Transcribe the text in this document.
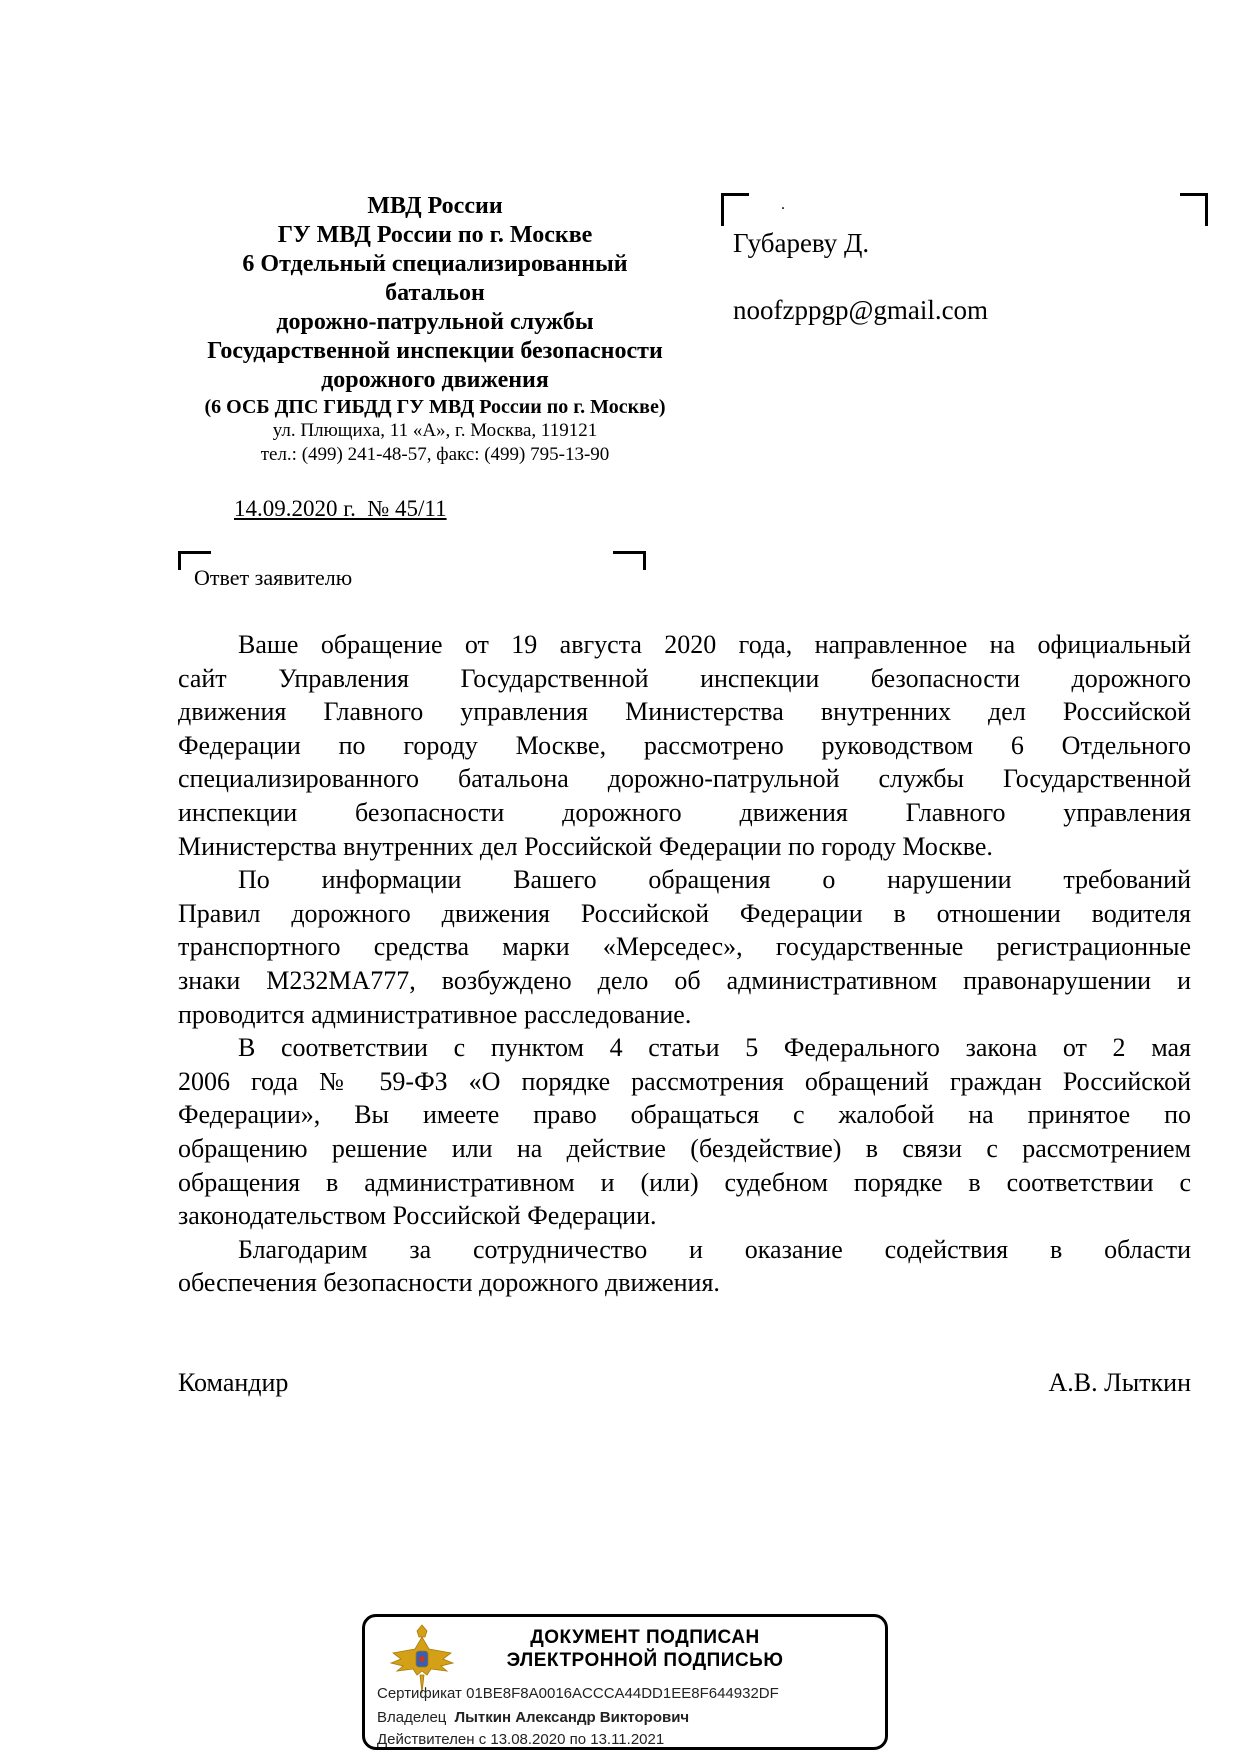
МВД России
ГУ МВД России по г. Москве
6 Отдельный специализированный
батальон
дорожно-патрульной службы
Государственной инспекции безопасности
дорожного движения
(6 ОСБ ДПС ГИБДД ГУ МВД России по г. Москве)
ул. Плющиха, 11 «А», г. Москва, 119121
тел.: (499) 241-48-57, факс: (499) 795-13-90
14.09.2020 г.  № 45/11
Ответ заявителю
.
Губареву Д.
noofzppgp@gmail.com
Ваше обращение от 19 августа 2020 года, направленное на официальный
сайт Управления Государственной инспекции безопасности дорожного
движения Главного управления Министерства внутренних дел Российской
Федерации по городу Москве, рассмотрено руководством 6 Отдельного
специализированного батальона дорожно-патрульной службы Государственной
инспекции безопасности дорожного движения Главного управления
Министерства внутренних дел Российской Федерации по городу Москве.
По информации Вашего обращения о нарушении требований
Правил дорожного движения Российской Федерации в отношении водителя
транспортного средства марки «Мерседес», государственные регистрационные
знаки М232МА777, возбуждено дело об административном правонарушении и
проводится административное расследование.
В соответствии с пунктом 4 статьи 5 Федерального закона от 2 мая
2006 года № 59-ФЗ «О порядке рассмотрения обращений граждан Российской
Федерации», Вы имеете право обращаться с жалобой на принятое по
обращению решение или на действие (бездействие) в связи с рассмотрением
обращения в административном и (или) судебном порядке в соответствии с
законодательством Российской Федерации.
Благодарим за сотрудничество и оказание содействия в области
обеспечения безопасности дорожного движения.
Командир	А.В. Лыткин
ДОКУМЕНТ ПОДПИСАН
ЭЛЕКТРОННОЙ ПОДПИСЬЮ
Сертификат 01BE8F8A0016ACCCA44DD1EE8F644932DF
Владелец Лыткин Александр Викторович
Действителен с 13.08.2020 по 13.11.2021
